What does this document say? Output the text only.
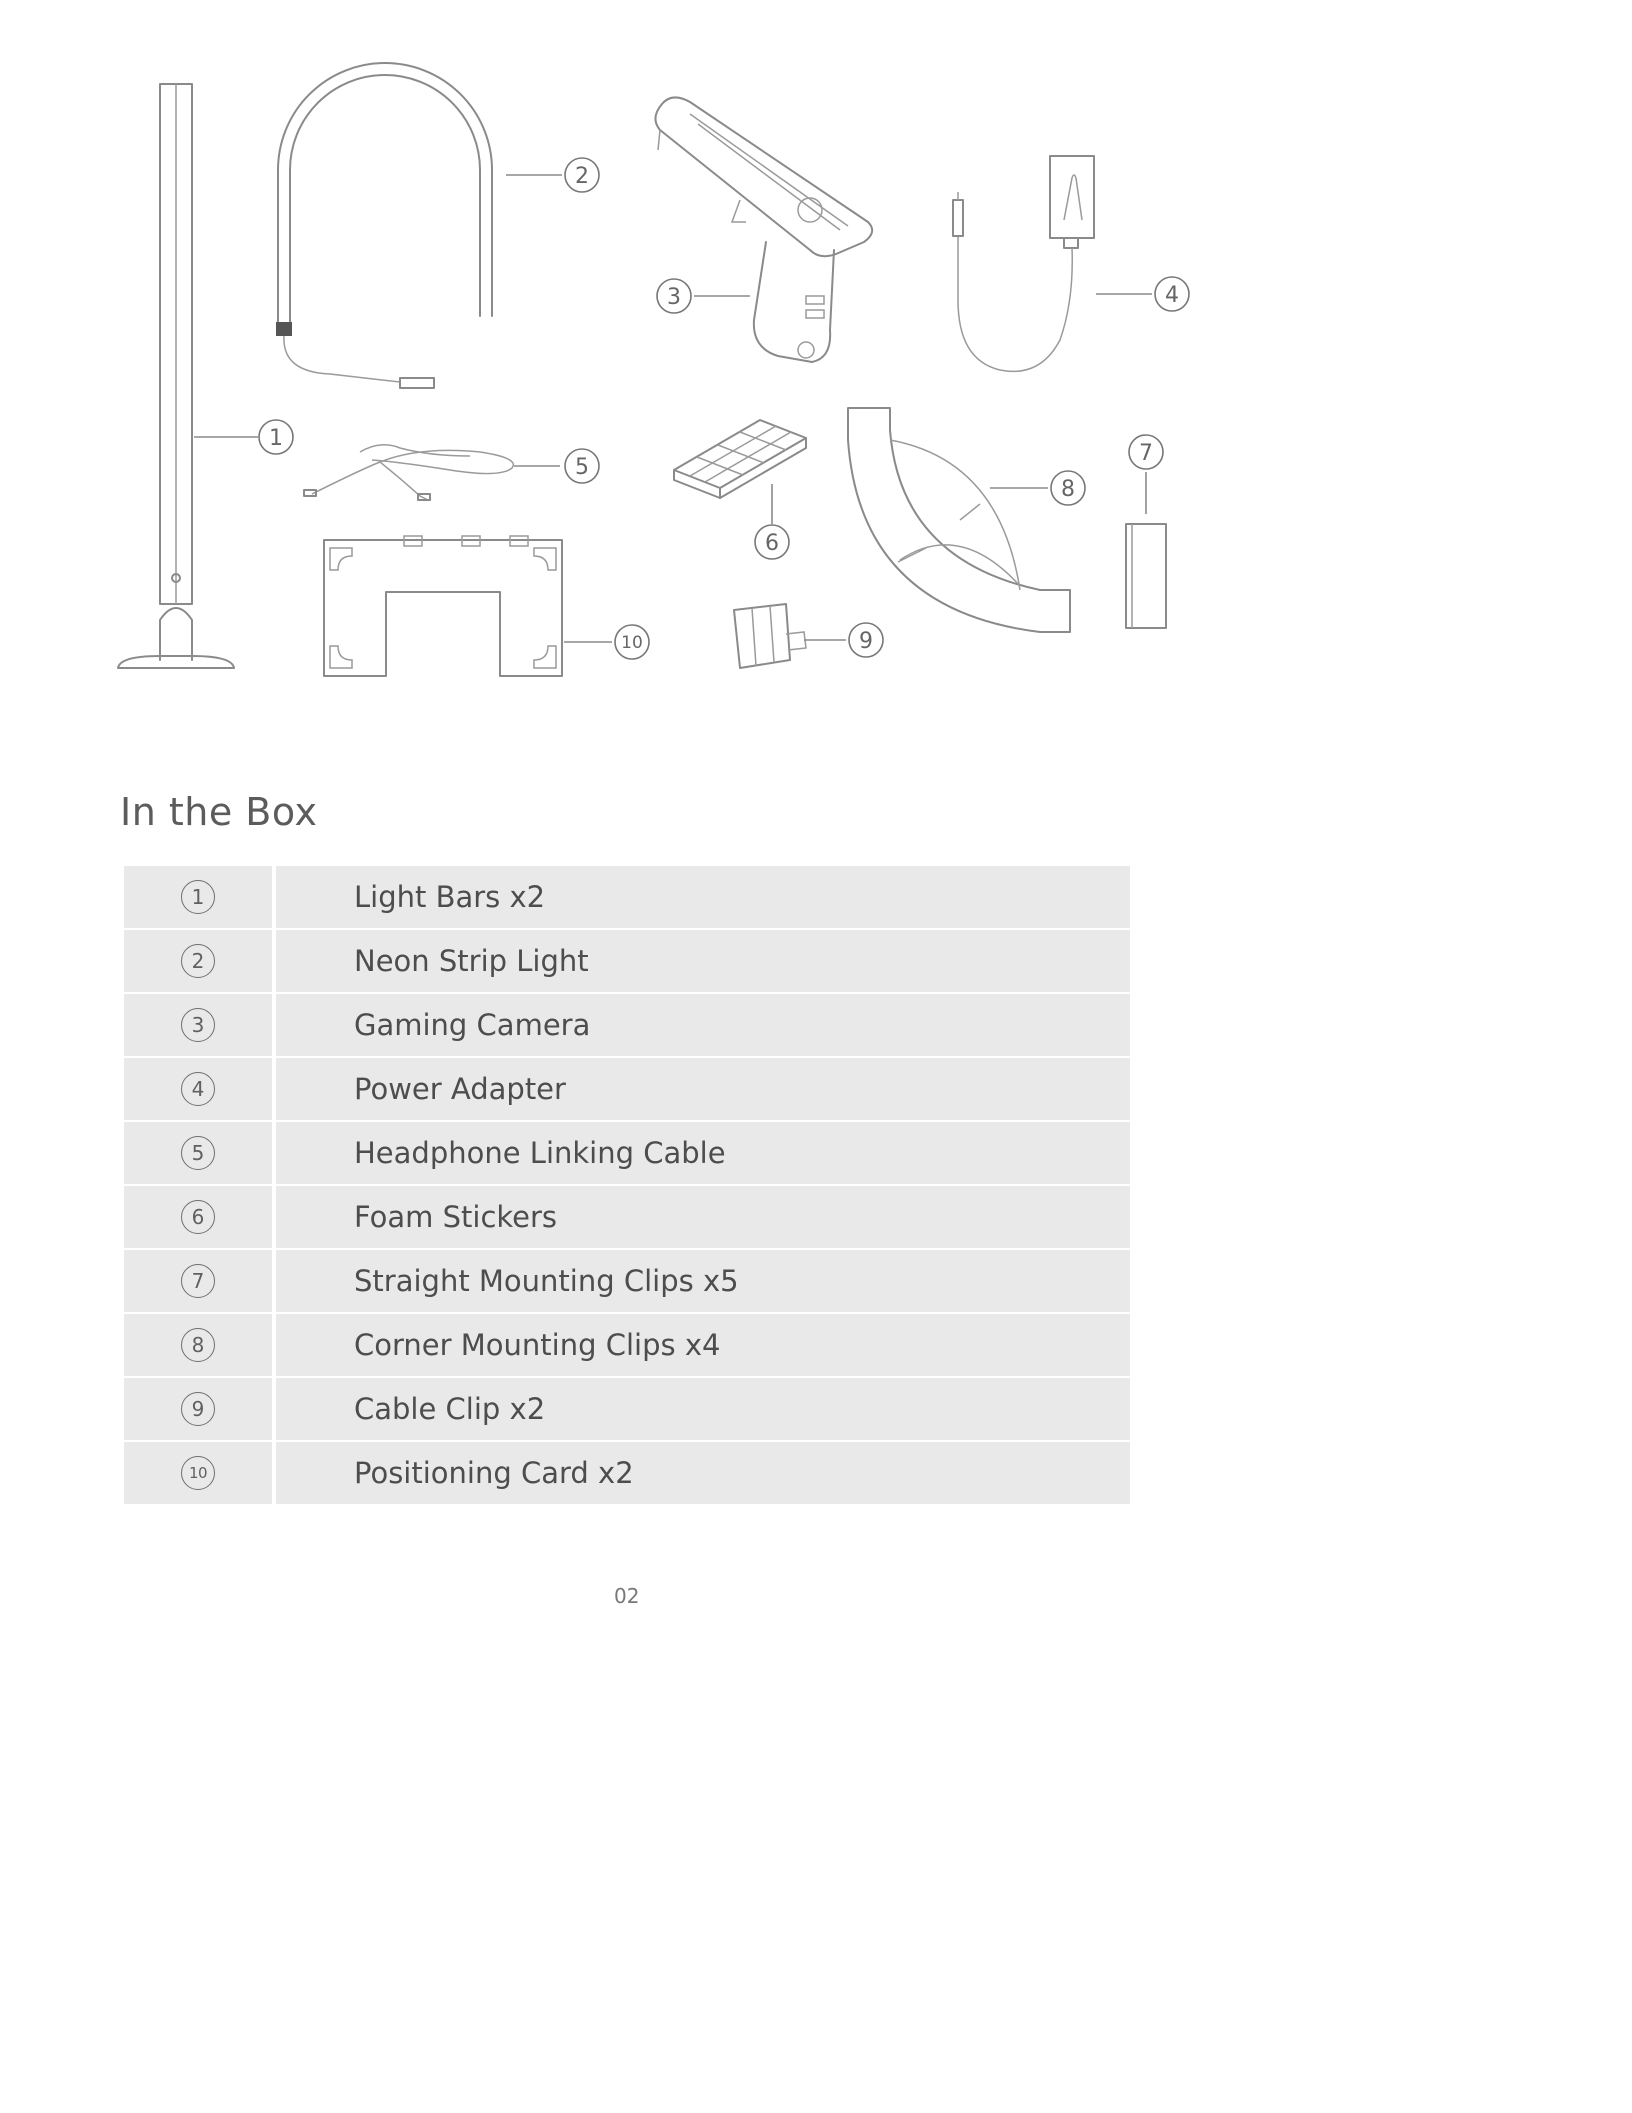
1
2
3	4
5
6
7
8
9
10
In the Box
1	Light Bars x2
2	Neon Strip Light
3	Gaming Camera
4	Power Adapter
5	Headphone Linking Cable
6	Foam Stickers
7	Straight Mounting Clips x5
8	Corner Mounting Clips x4
9	Cable Clip x2
10	Positioning Card x2
02
